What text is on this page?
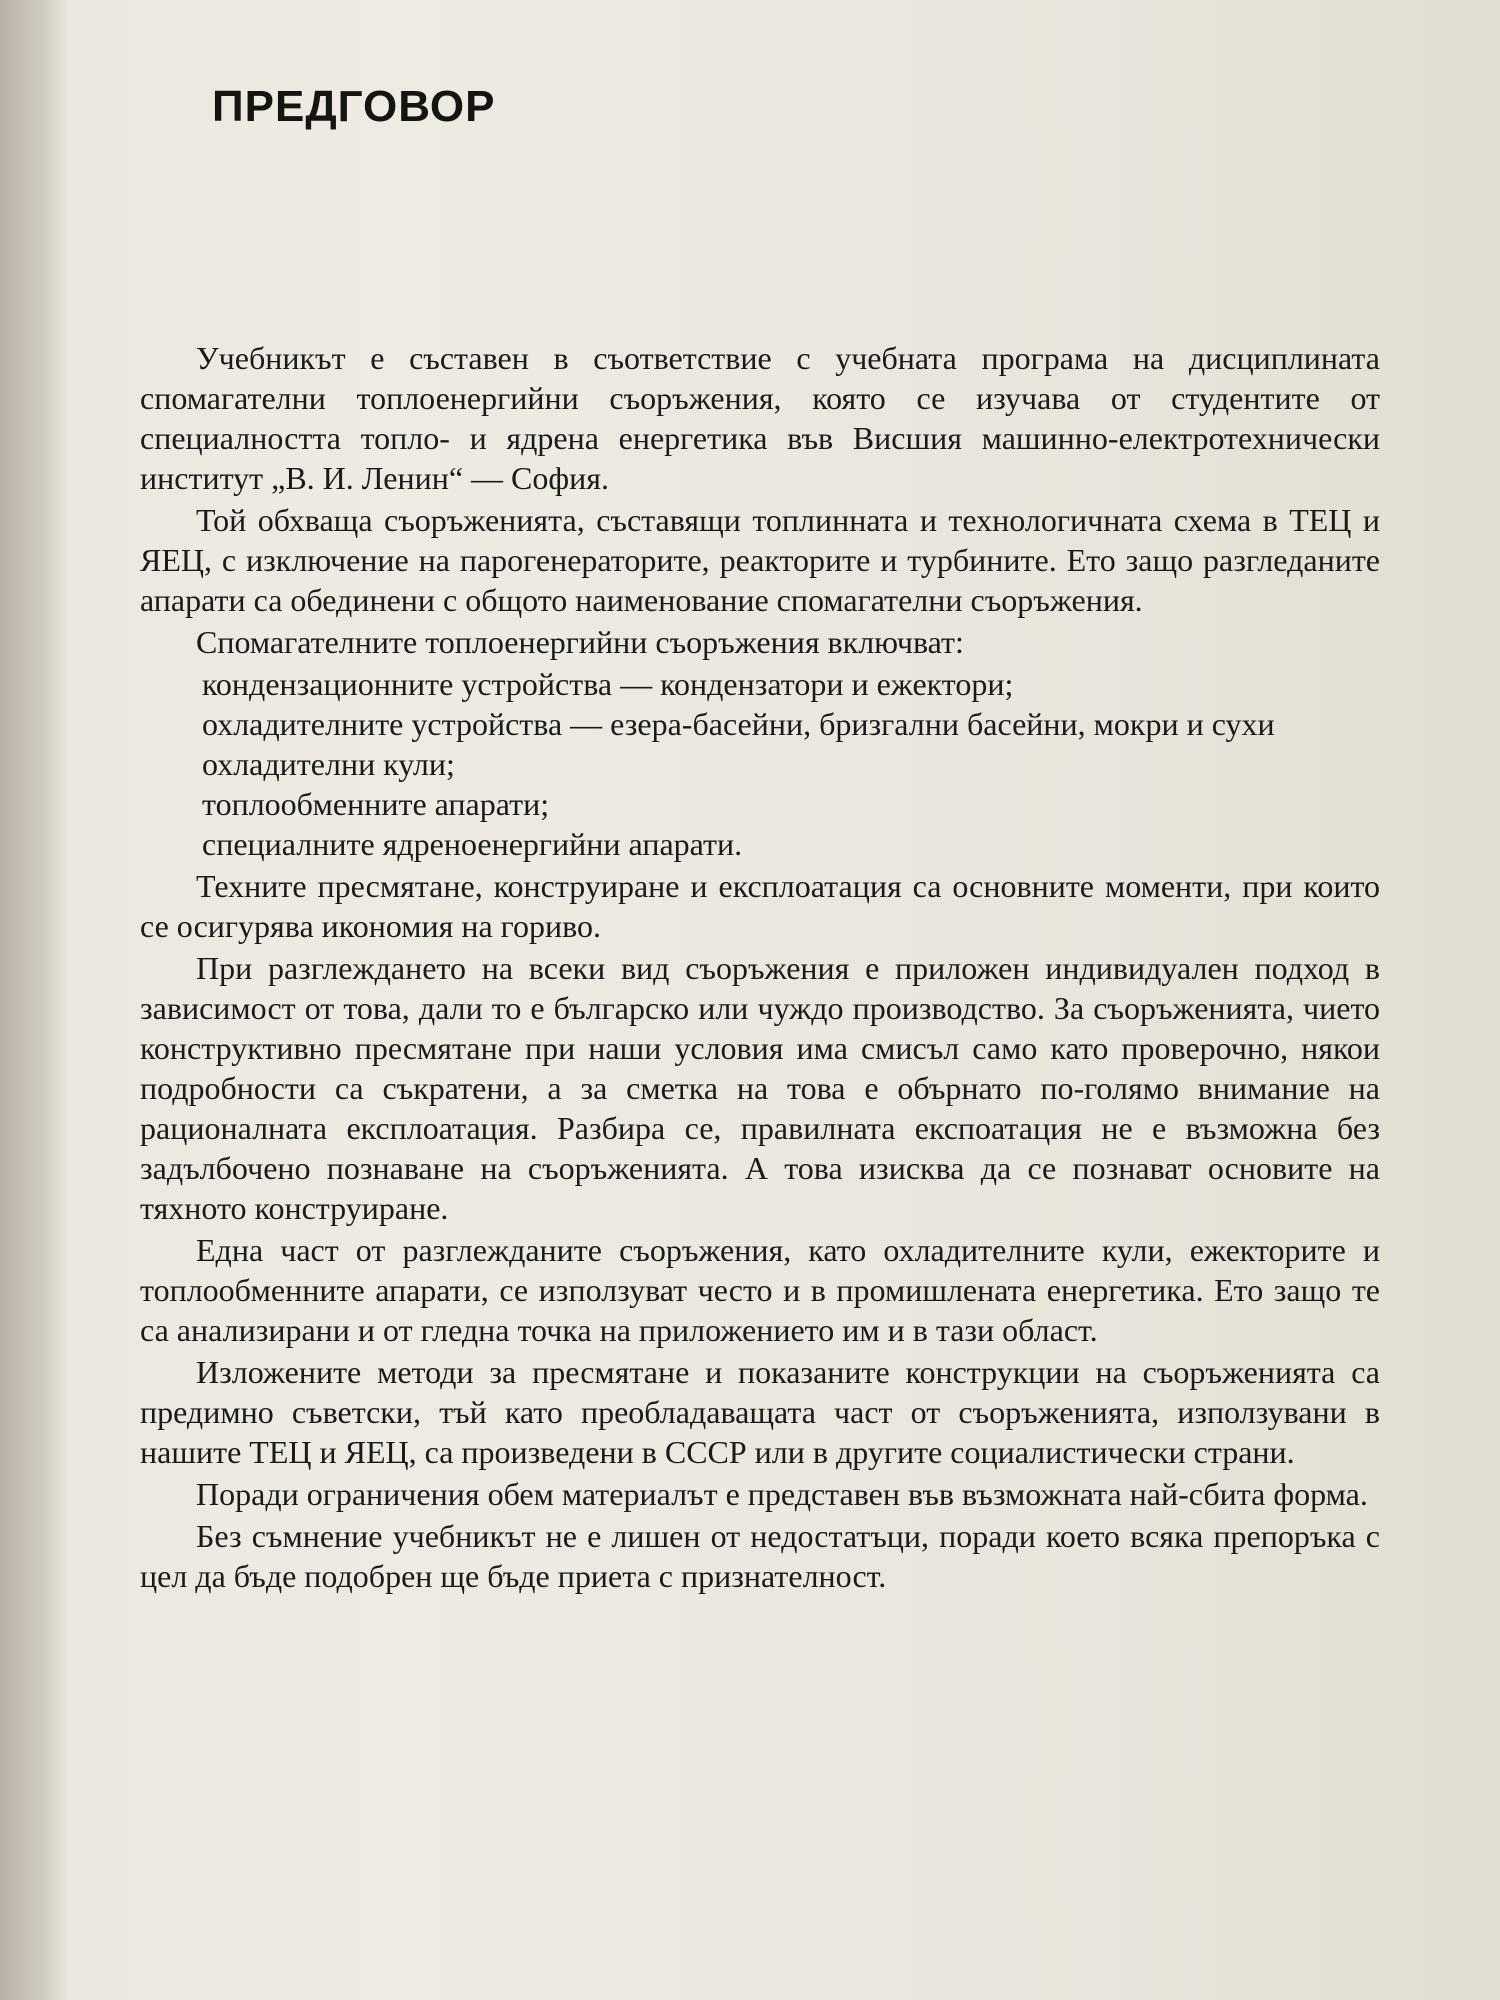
ПРЕДГОВОР

Учебникът е съставен в съответствие с учебната програма на дисциплината спомагателни топлоенергийни съоръжения, която се изучава от студентите от специалността топло- и ядрена енергетика във Висшия машинно-електротехнически институт „В. И. Ленин“ — София.

Той обхваща съоръженията, съставящи топлинната и технологичната схема в ТЕЦ и ЯЕЦ, с изключение на парогенераторите, реакторите и турбините. Ето защо разгледаните апарати са обединени с общото наименование спомагателни съоръжения.

Спомагателните топлоенергийни съоръжения включват:

кондензационните устройства — кондензатори и ежектори;
охладителните устройства — езера-басейни, бризгални басейни, мокри и сухи охладителни кули;
топлообменните апарати;
специалните ядреноенергийни апарати.

Техните пресмятане, конструиране и експлоатация са основните моменти, при които се осигурява икономия на гориво.

При разглеждането на всеки вид съоръжения е приложен индивидуален подход в зависимост от това, дали то е българско или чуждо производство. За съоръженията, чието конструктивно пресмятане при наши условия има смисъл само като проверочно, някои подробности са съкратени, а за сметка на това е обърнато по-голямо внимание на рационалната експлоатация. Разбира се, правилната експоатация не е възможна без задълбочено познаване на съоръженията. А това изисква да се познават основите на тяхното конструиране.

Една част от разглежданите съоръжения, като охладителните кули, ежекторите и топлообменните апарати, се използуват често и в промишлената енергетика. Ето защо те са анализирани и от гледна точка на приложението им и в тази област.

Изложените методи за пресмятане и показаните конструкции на съоръженията са предимно съветски, тъй като преобладаващата част от съоръженията, използувани в нашите ТЕЦ и ЯЕЦ, са произведени в СССР или в другите социалистически страни.

Поради ограничения обем материалът е представен във възможната най-сбита форма.

Без съмнение учебникът не е лишен от недостатъци, поради което всяка препоръка с цел да бъде подобрен ще бъде приета с признателност.
